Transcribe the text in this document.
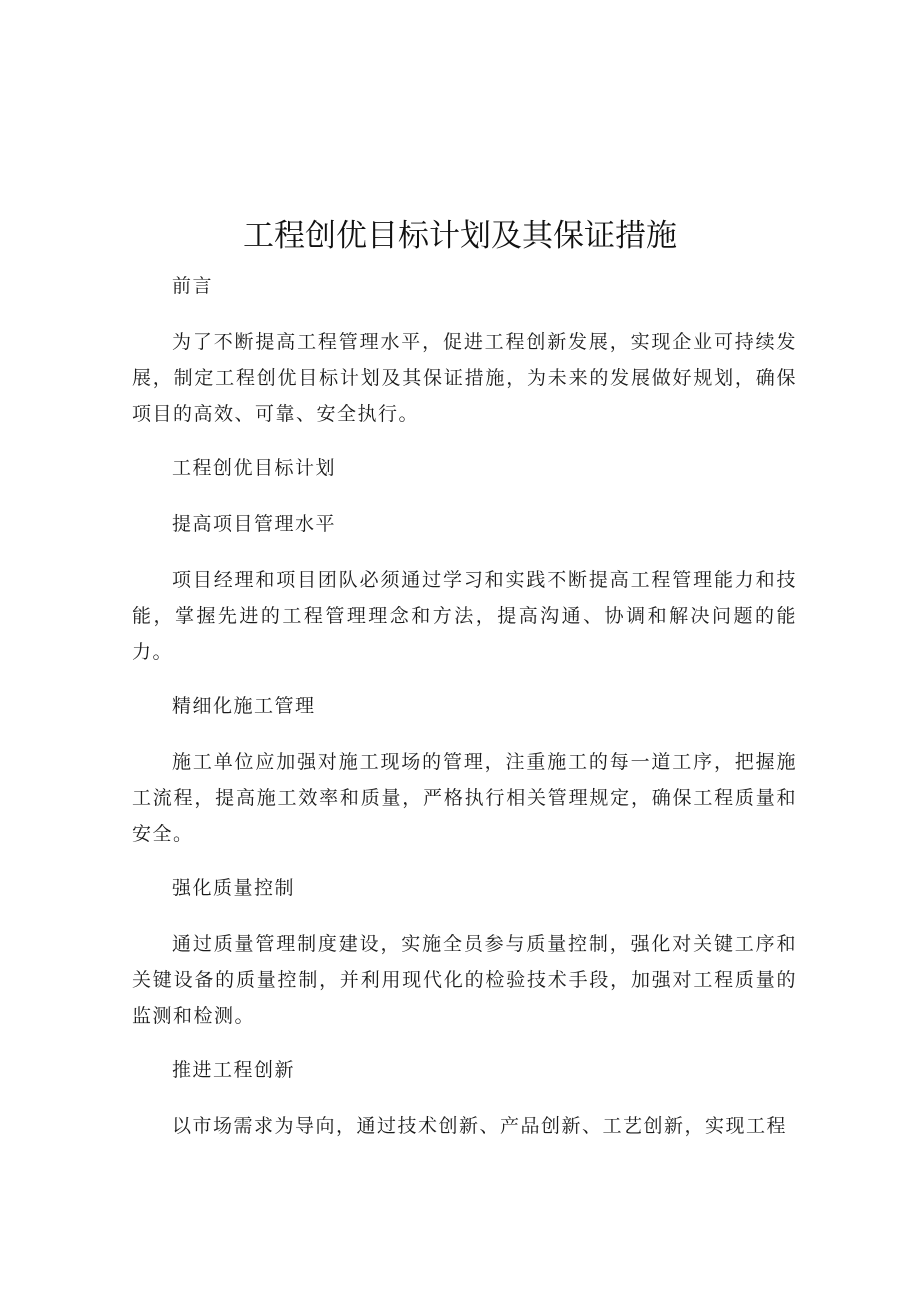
工程创优目标计划及其保证措施

前言

为了不断提高工程管理水平，促进工程创新发展，实现企业可持续发展，制定工程创优目标计划及其保证措施，为未来的发展做好规划，确保项目的高效、可靠、安全执行。

工程创优目标计划

提高项目管理水平

项目经理和项目团队必须通过学习和实践不断提高工程管理能力和技能，掌握先进的工程管理理念和方法，提高沟通、协调和解决问题的能力。

精细化施工管理

施工单位应加强对施工现场的管理，注重施工的每一道工序，把握施工流程，提高施工效率和质量，严格执行相关管理规定，确保工程质量和安全。

强化质量控制

通过质量管理制度建设，实施全员参与质量控制，强化对关键工序和关键设备的质量控制，并利用现代化的检验技术手段，加强对工程质量的监测和检测。

推进工程创新

以市场需求为导向，通过技术创新、产品创新、工艺创新，实现工程
